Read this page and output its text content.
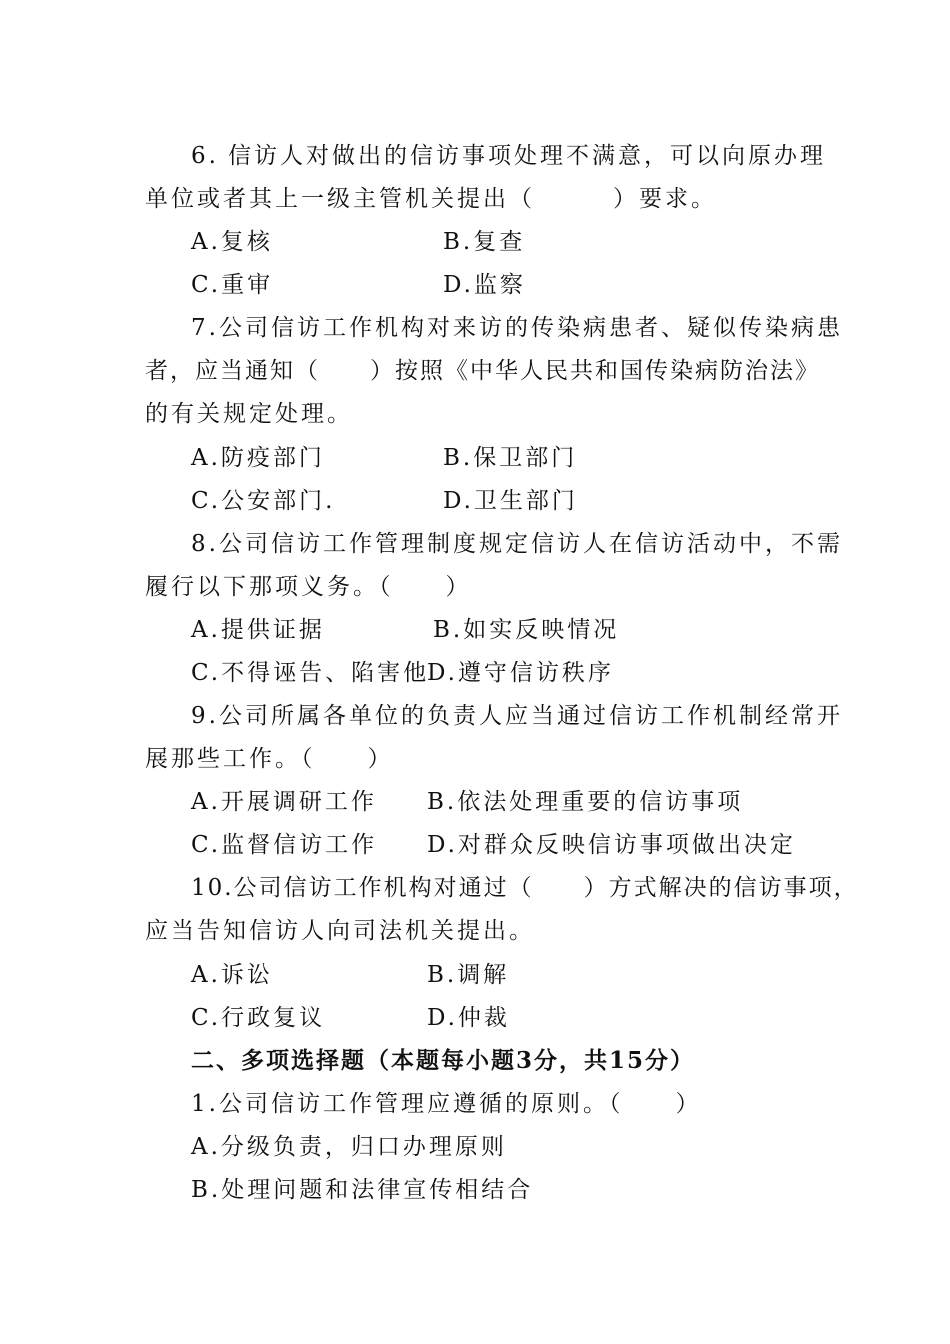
6. 信访人对做出的信访事项处理不满意，可以向原办理
单位或者其上一级主管机关提出（　　　）要求。
A.复核	B.复查
C.重审	D.监察
7.公司信访工作机构对来访的传染病患者、疑似传染病患
者，应当通知（　　）按照《中华人民共和国传染病防治法》
的有关规定处理。
A.防疫部门	B.保卫部门
C.公安部门.	D.卫生部门
8.公司信访工作管理制度规定信访人在信访活动中，不需
履行以下那项义务。（　　）
A.提供证据	B.如实反映情况
C.不得诬告、陷害他
D.遵守信访秩序
9.公司所属各单位的负责人应当通过信访工作机制经常开
展那些工作。（　　）
A.开展调研工作 B.依法处理重要的信访事项
C.监督信访工作 D.对群众反映信访事项做出决定
10.公司信访工作机构对通过（　　）方式解决的信访事项，
应当告知信访人向司法机关提出。
A.诉讼	B.调解
C.行政复议	D.仲裁
二、多项选择题（本题每小题3分，共15分）
1.公司信访工作管理应遵循的原则。（　　）
A.分级负责，归口办理原则
B.处理问题和法律宣传相结合
